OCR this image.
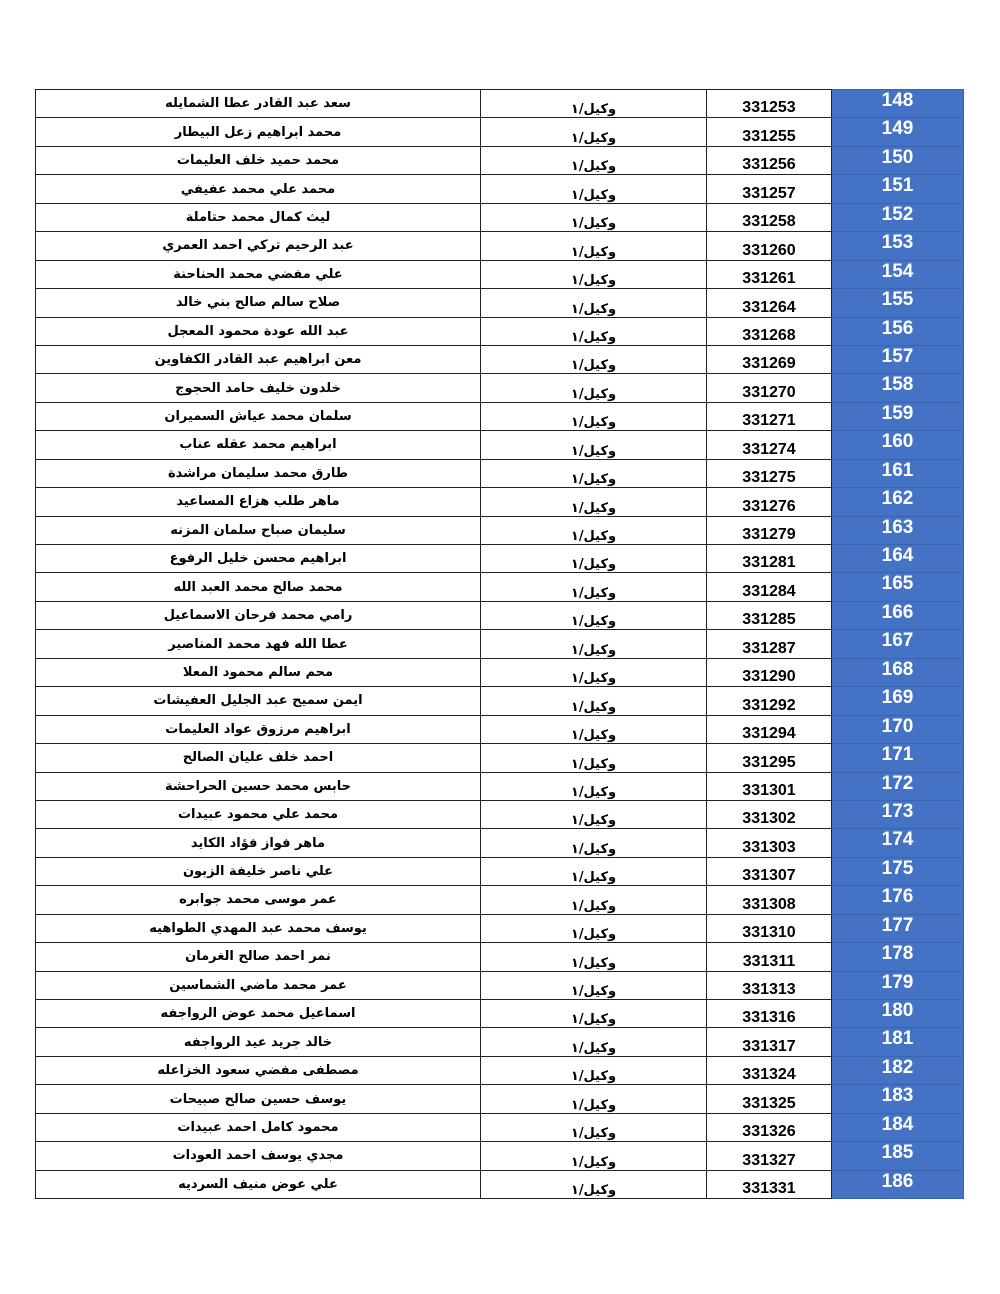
سعد عبد القادر عطا الشمايله	وكيل/١	331253	148
محمد ابراهيم زعل البيطار	وكيل/١	331255	149
محمد حميد خلف العليمات	وكيل/١	331256	150
محمد علي محمد عفيفي	وكيل/١	331257	151
ليث كمال محمد حتاملة	وكيل/١	331258	152
عبد الرحيم تركي احمد العمري	وكيل/١	331260	153
علي مفضي محمد الحناحنة	وكيل/١	331261	154
صلاح سالم صالح بني خالد	وكيل/١	331264	155
عبد الله عودة محمود المعجل	وكيل/١	331268	156
معن ابراهيم عبد القادر الكفاوين	وكيل/١	331269	157
خلدون خليف حامد الحجوج	وكيل/١	331270	158
سلمان محمد عياش السميران	وكيل/١	331271	159
ابراهيم محمد عقله عناب	وكيل/١	331274	160
طارق محمد سليمان مراشدة	وكيل/١	331275	161
ماهر طلب هزاع المساعيد	وكيل/١	331276	162
سليمان صباح سلمان المزنه	وكيل/١	331279	163
ابراهيم محسن خليل الرفوع	وكيل/١	331281	164
محمد صالح محمد العبد الله	وكيل/١	331284	165
رامي محمد فرحان الاسماعيل	وكيل/١	331285	166
عطا الله فهد محمد المناصير	وكيل/١	331287	167
محم سالم محمود المعلا	وكيل/١	331290	168
ايمن سميح عبد الجليل العفيشات	وكيل/١	331292	169
ابراهيم مرزوق عواد العليمات	وكيل/١	331294	170
احمد خلف عليان الصالح	وكيل/١	331295	171
حابس محمد حسين الحراحشة	وكيل/١	331301	172
محمد علي محمود عبيدات	وكيل/١	331302	173
ماهر فواز فؤاد الكايد	وكيل/١	331303	174
علي ناصر خليفة الزبون	وكيل/١	331307	175
عمر موسى محمد جوابره	وكيل/١	331308	176
يوسف محمد عبد المهدي الطواهيه	وكيل/١	331310	177
نمر احمد صالح الغرمان	وكيل/١	331311	178
عمر محمد ماضي الشماسين	وكيل/١	331313	179
اسماعيل محمد عوض الرواجفه	وكيل/١	331316	180
خالد جريد عيد الرواجفه	وكيل/١	331317	181
مصطفى مفضي سعود الخزاعله	وكيل/١	331324	182
يوسف حسين صالح صبيحات	وكيل/١	331325	183
محمود كامل احمد عبيدات	وكيل/١	331326	184
مجدي يوسف احمد العودات	وكيل/١	331327	185
علي عوض منيف السرديه	وكيل/١	331331	186
